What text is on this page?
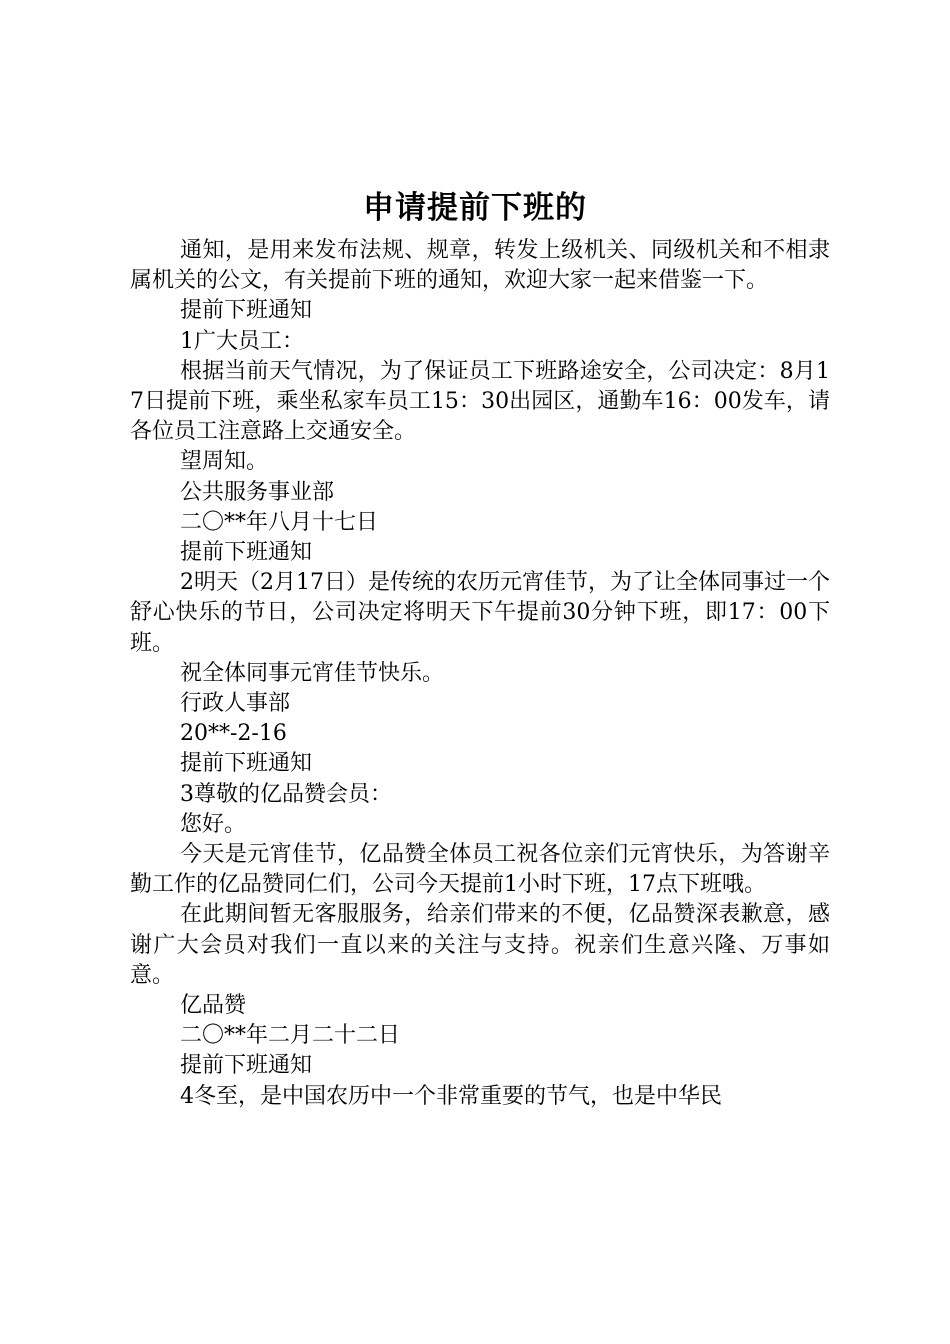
申请提前下班的

通知，是用来发布法规、规章，转发上级机关、同级机关和不相隶属机关的公文，有关提前下班的通知，欢迎大家一起来借鉴一下。

提前下班通知

1广大员工：

根据当前天气情况，为了保证员工下班路途安全，公司决定：8月17日提前下班，乘坐私家车员工15：30出园区，通勤车16：00发车，请各位员工注意路上交通安全。

望周知。

公共服务事业部

二〇**年八月十七日

提前下班通知

2明天（2月17日）是传统的农历元宵佳节，为了让全体同事过一个舒心快乐的节日，公司决定将明天下午提前30分钟下班，即17：00下班。

祝全体同事元宵佳节快乐。

行政人事部

20**-2-16

提前下班通知

3尊敬的亿品赞会员：

您好。

今天是元宵佳节，亿品赞全体员工祝各位亲们元宵快乐，为答谢辛勤工作的亿品赞同仁们，公司今天提前1小时下班，17点下班哦。

在此期间暂无客服服务，给亲们带来的不便，亿品赞深表歉意，感谢广大会员对我们一直以来的关注与支持。祝亲们生意兴隆、万事如意。

亿品赞

二〇**年二月二十二日

提前下班通知

4冬至，是中国农历中一个非常重要的节气，也是中华民
